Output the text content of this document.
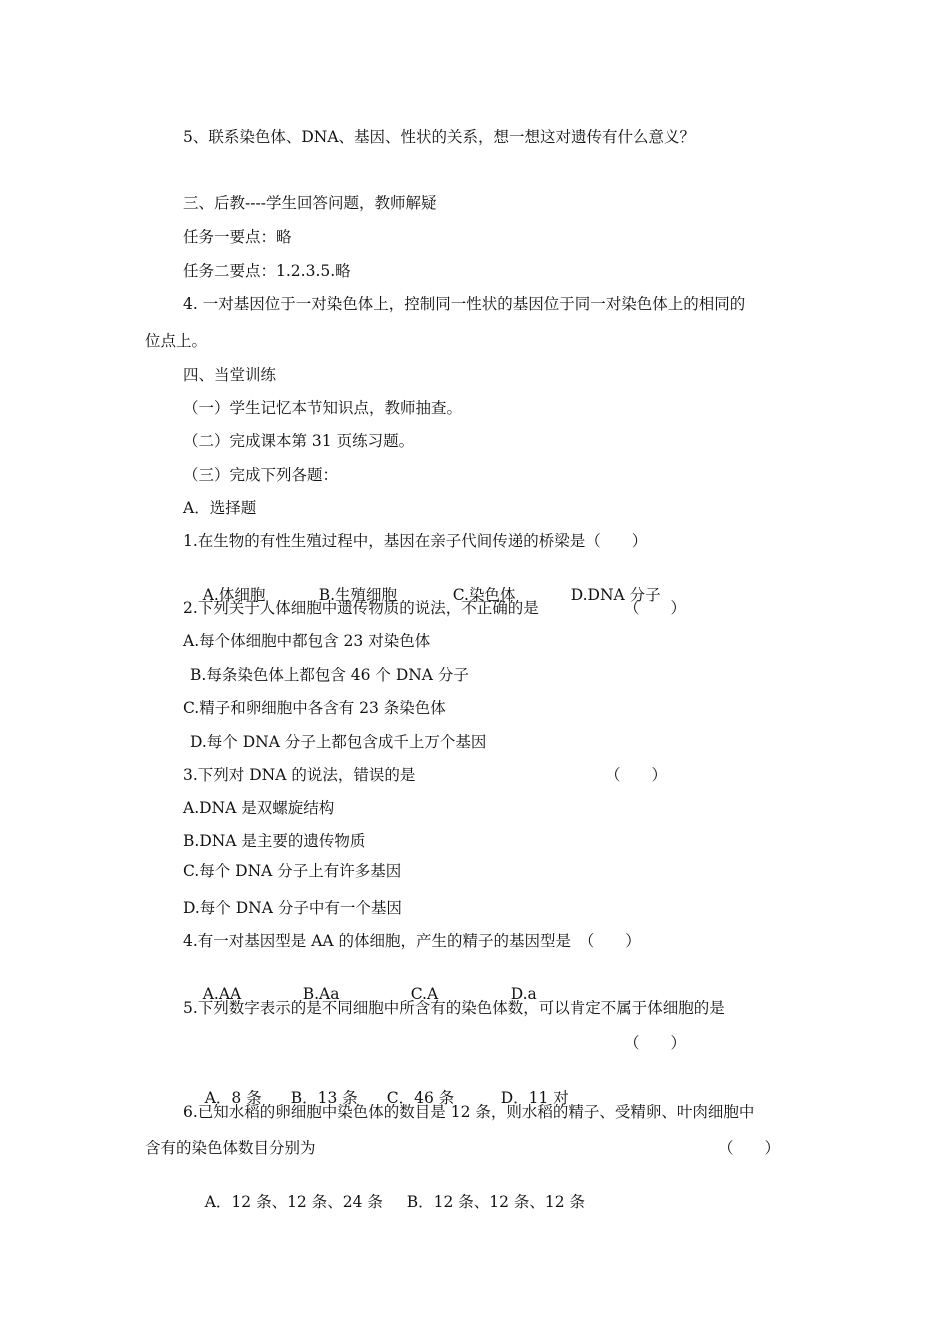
5、联系染色体、DNA、基因、性状的关系，想一想这对遗传有什么意义？
三、后教----学生回答问题，教师解疑
任务一要点：略
任务二要点：1.2.3.5.略
4. 一对基因位于一对染色体上，控制同一性状的基因位于同一对染色体上的相同的
位点上。
四、当堂训练
（一）学生记忆本节知识点，教师抽查。
（二）完成课本第 31 页练习题。
（三）完成下列各题：
A．选择题
1.在生物的有性生殖过程中，基因在亲子代间传递的桥梁是（　　）

A.体细胞	B.生殖细胞	C.染色体	D.DNA 分子

2.下列关于人体细胞中遗传物质的说法，不正确的是	（　　）
A.每个体细胞中都包含 23 对染色体
B.每条染色体上都包含 46 个 DNA 分子
C.精子和卵细胞中各含有 23 条染色体
D.每个 DNA 分子上都包含成千上万个基因
3.下列对 DNA 的说法，错误的是	（　　）
A.DNA 是双螺旋结构
B.DNA 是主要的遗传物质
C.每个 DNA 分子上有许多基因
D.每个 DNA 分子中有一个基因
4.有一对基因型是 AA 的体细胞，产生的精子的基因型是　（　　）

A.AA	B.Aa	C.A	D.a

5.下列数字表示的是不同细胞中所含有的染色体数，可以肯定不属于体细胞的是
（　　）

A．8 条 B．13 条 C．46 条	D．11 对

6.已知水稻的卵细胞中染色体的数目是 12 条，则水稻的精子、受精卵、叶肉细胞中
含有的染色体数目分别为	（　　）

A．12 条、12 条、24 条 B．12 条、12 条、12 条
